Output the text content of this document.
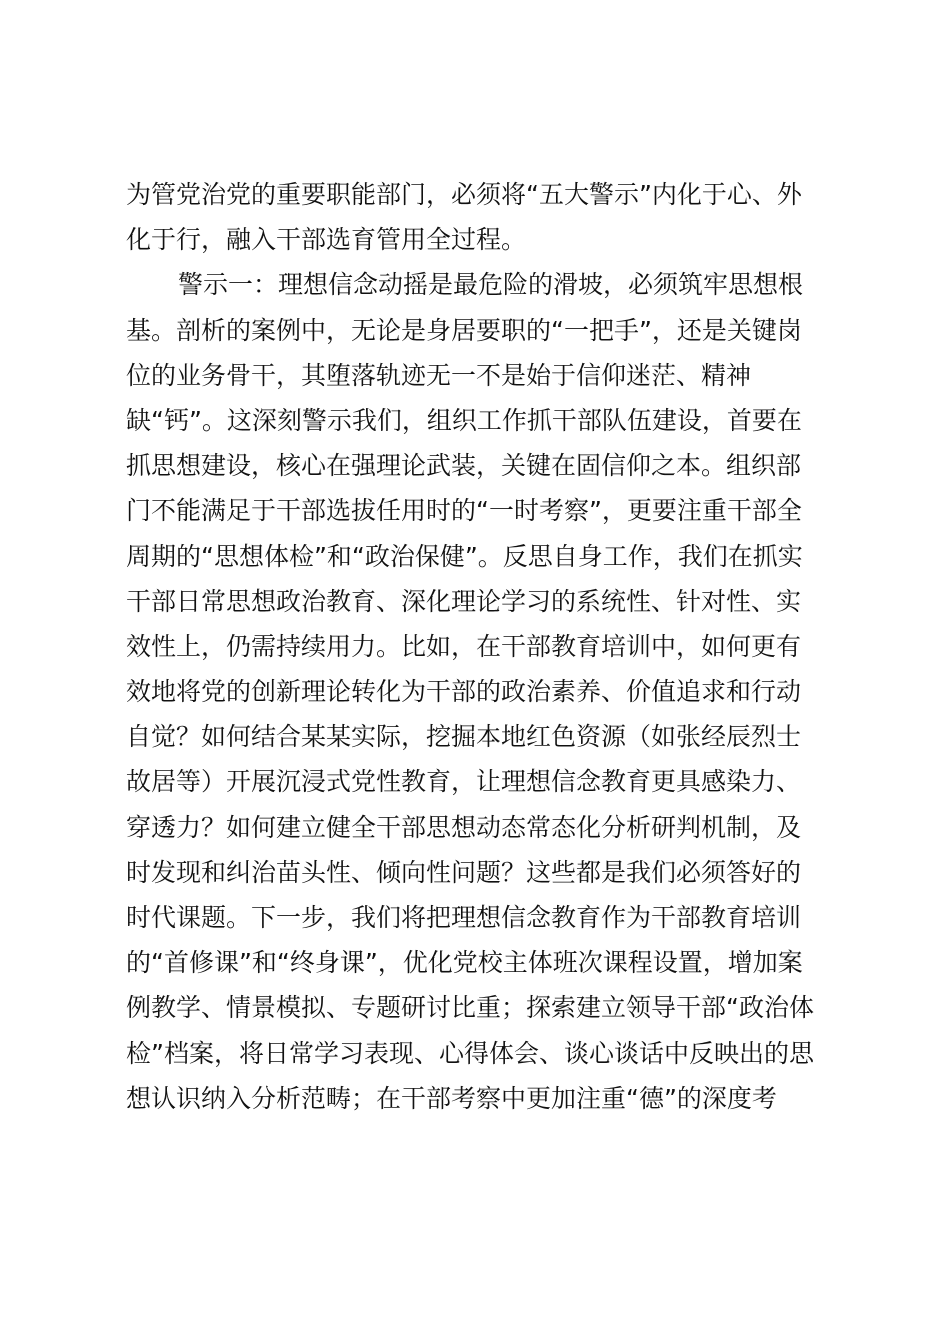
为管党治党的重要职能部门，必须将“五大警示”内化于心、外
化于行，融入干部选育管用全过程。
警示一：理想信念动摇是最危险的滑坡，必须筑牢思想根
基。剖析的案例中，无论是身居要职的“一把手”，还是关键岗
位的业务骨干，其堕落轨迹无一不是始于信仰迷茫、精神
缺“钙”。这深刻警示我们，组织工作抓干部队伍建设，首要在
抓思想建设，核心在强理论武装，关键在固信仰之本。组织部
门不能满足于干部选拔任用时的“一时考察”，更要注重干部全
周期的“思想体检”和“政治保健”。反思自身工作，我们在抓实
干部日常思想政治教育、深化理论学习的系统性、针对性、实
效性上，仍需持续用力。比如，在干部教育培训中，如何更有
效地将党的创新理论转化为干部的政治素养、价值追求和行动
自觉？如何结合某某实际，挖掘本地红色资源（如张经辰烈士
故居等）开展沉浸式党性教育，让理想信念教育更具感染力、
穿透力？如何建立健全干部思想动态常态化分析研判机制，及
时发现和纠治苗头性、倾向性问题？这些都是我们必须答好的
时代课题。下一步，我们将把理想信念教育作为干部教育培训
的“首修课”和“终身课”，优化党校主体班次课程设置，增加案
例教学、情景模拟、专题研讨比重；探索建立领导干部“政治体
检”档案，将日常学习表现、心得体会、谈心谈话中反映出的思
想认识纳入分析范畴；在干部考察中更加注重“德”的深度考
